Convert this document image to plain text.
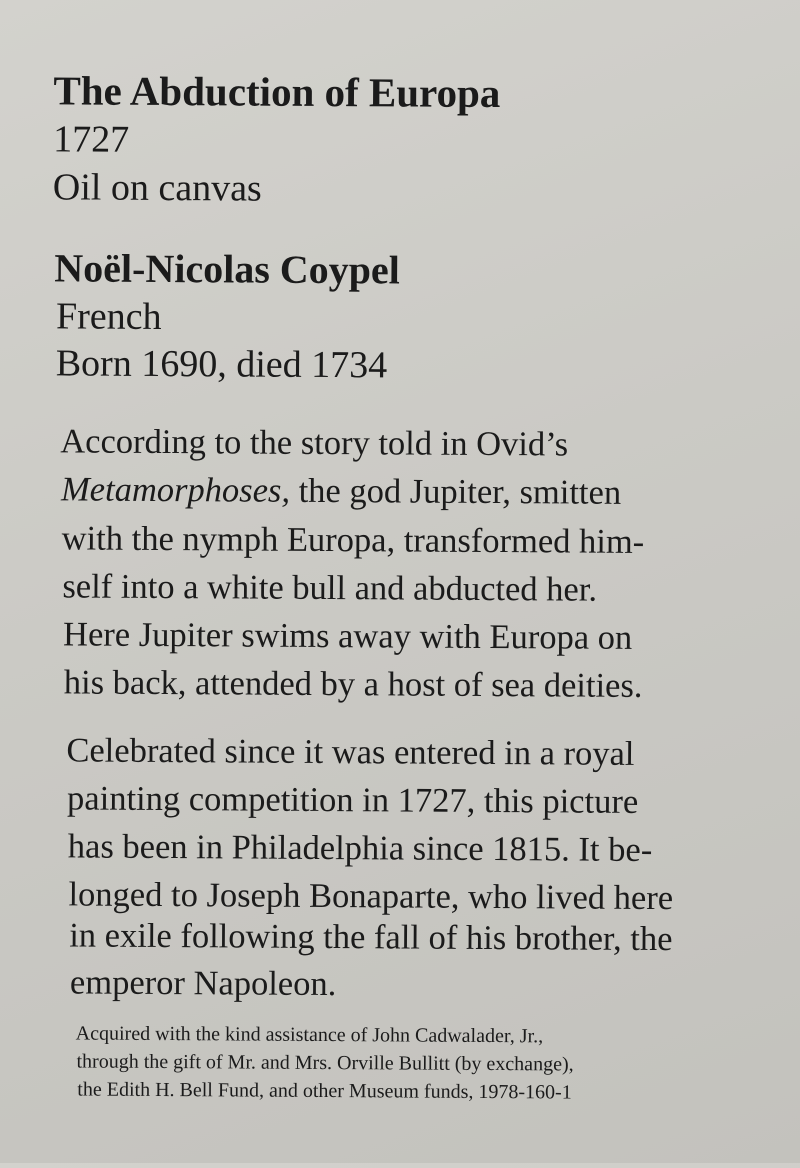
The Abduction of Europa
1727
Oil on canvas
Noël-Nicolas Coypel
French
Born 1690, died 1734
According to the story told in Ovid’s
Metamorphoses, the god Jupiter, smitten
with the nymph Europa, transformed him-
self into a white bull and abducted her.
Here Jupiter swims away with Europa on
his back, attended by a host of sea deities.
Celebrated since it was entered in a royal
painting competition in 1727, this picture
has been in Philadelphia since 1815. It be-
longed to Joseph Bonaparte, who lived here
in exile following the fall of his brother, the
emperor Napoleon.
Acquired with the kind assistance of John Cadwalader, Jr.,
through the gift of Mr. and Mrs. Orville Bullitt (by exchange),
the Edith H. Bell Fund, and other Museum funds, 1978-160-1
